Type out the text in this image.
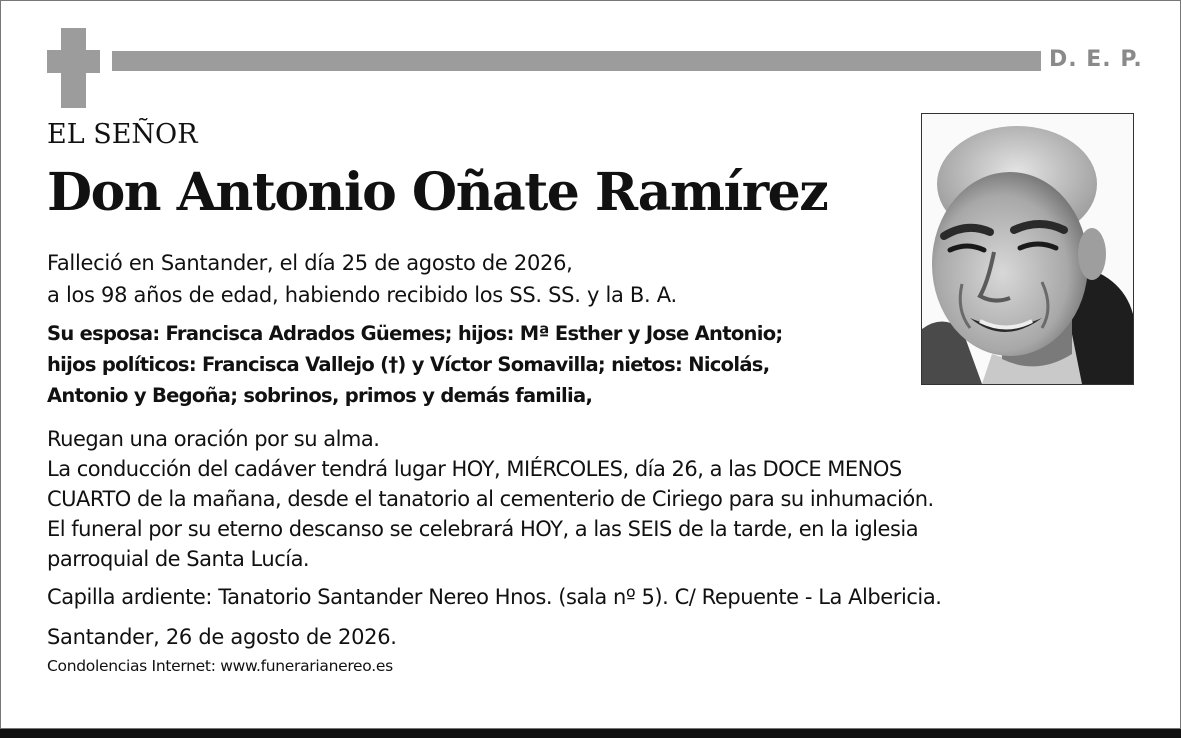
D. E. P.
EL SEÑOR
Don Antonio Oñate Ramírez
Falleció en Santander, el día 25 de agosto de 2026,
a los 98 años de edad, habiendo recibido los SS. SS. y la B. A.
Su esposa: Francisca Adrados Güemes; hijos: Mª Esther y Jose Antonio;
hijos políticos: Francisca Vallejo (†) y Víctor Somavilla; nietos: Nicolás,
Antonio y Begoña; sobrinos, primos y demás familia,
Ruegan una oración por su alma.
La conducción del cadáver tendrá lugar HOY, MIÉRCOLES, día 26, a las DOCE MENOS
CUARTO de la mañana, desde el tanatorio al cementerio de Ciriego para su inhumación.
El funeral por su eterno descanso se celebrará HOY, a las SEIS de la tarde, en la iglesia
parroquial de Santa Lucía.
Capilla ardiente: Tanatorio Santander Nereo Hnos. (sala nº 5). C/ Repuente - La Albericia.
Santander, 26 de agosto de 2026.
Condolencias Internet: www.funerarianereo.es
